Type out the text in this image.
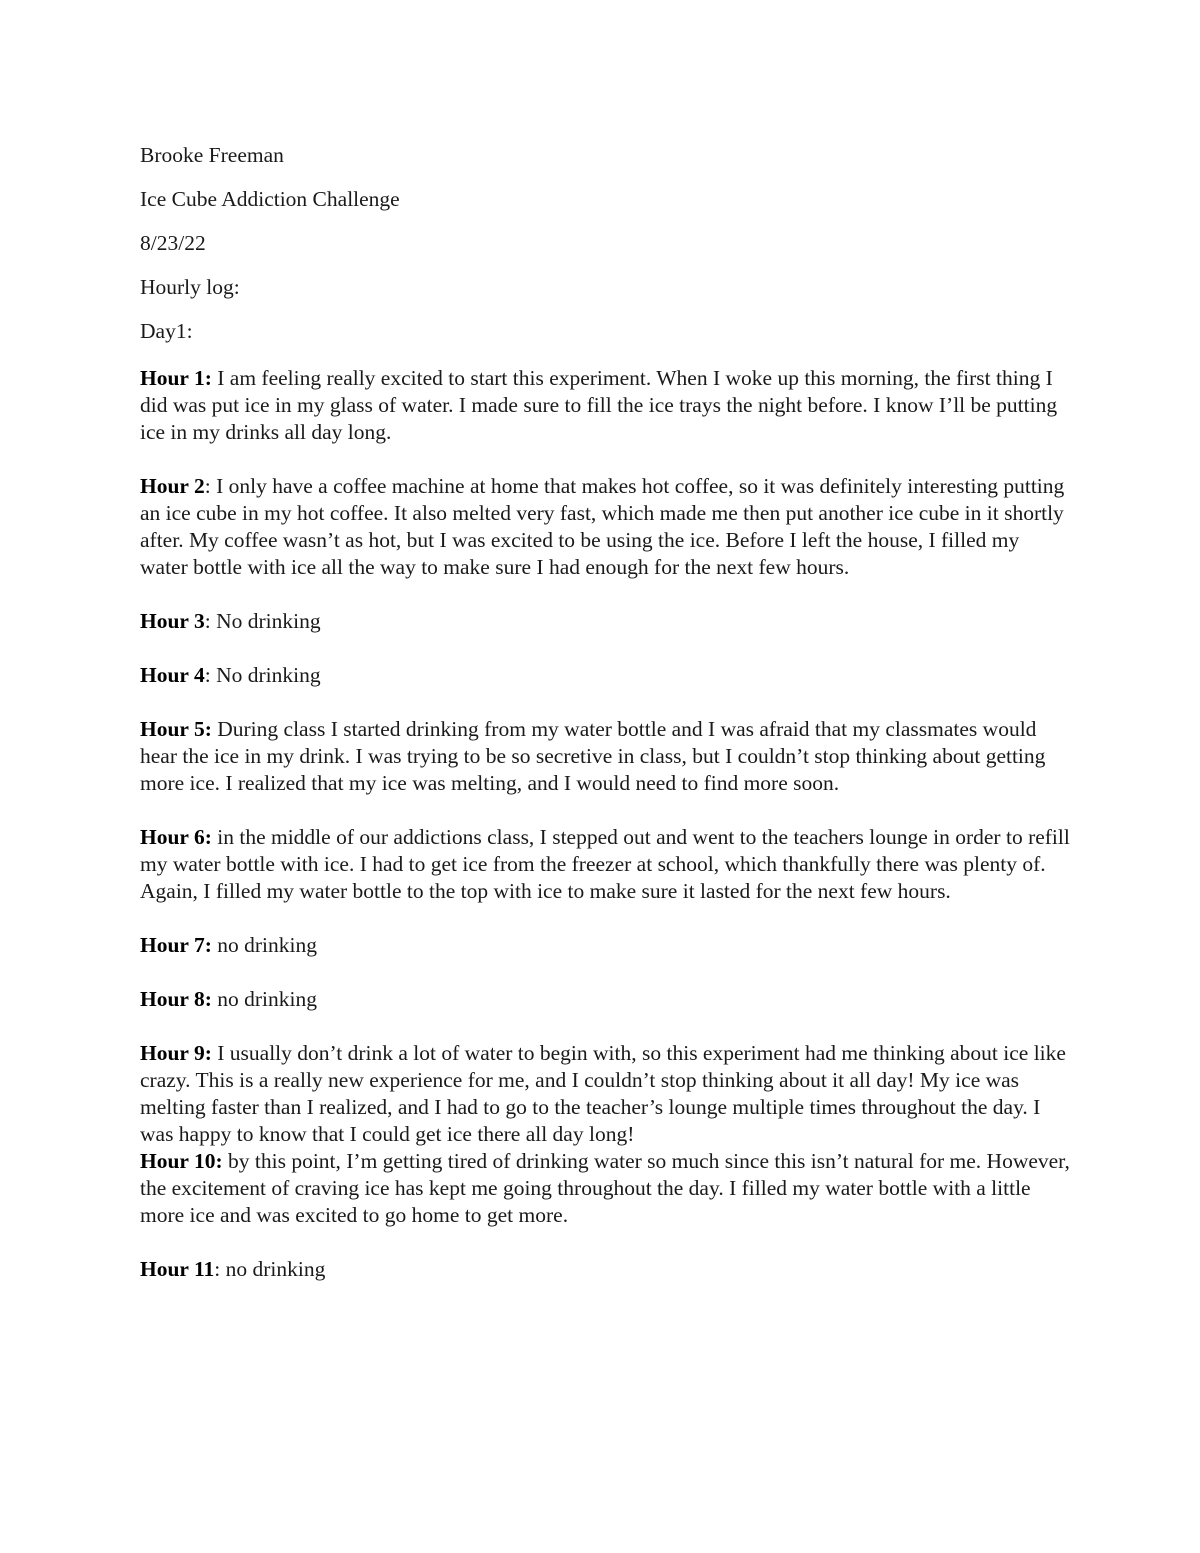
Brooke Freeman
Ice Cube Addiction Challenge
8/23/22
Hourly log:
Day1:

Hour 1: I am feeling really excited to start this experiment. When I woke up this morning, the first thing I did was put ice in my glass of water. I made sure to fill the ice trays the night before. I know I’ll be putting ice in my drinks all day long.

Hour 2: I only have a coffee machine at home that makes hot coffee, so it was definitely interesting putting an ice cube in my hot coffee. It also melted very fast, which made me then put another ice cube in it shortly after. My coffee wasn’t as hot, but I was excited to be using the ice. Before I left the house, I filled my water bottle with ice all the way to make sure I had enough for the next few hours.

Hour 3: No drinking

Hour 4: No drinking

Hour 5: During class I started drinking from my water bottle and I was afraid that my classmates would hear the ice in my drink. I was trying to be so secretive in class, but I couldn’t stop thinking about getting more ice. I realized that my ice was melting, and I would need to find more soon.

Hour 6: in the middle of our addictions class, I stepped out and went to the teachers lounge in order to refill my water bottle with ice. I had to get ice from the freezer at school, which thankfully there was plenty of. Again, I filled my water bottle to the top with ice to make sure it lasted for the next few hours.

Hour 7: no drinking

Hour 8: no drinking

Hour 9: I usually don’t drink a lot of water to begin with, so this experiment had me thinking about ice like crazy. This is a really new experience for me, and I couldn’t stop thinking about it all day! My ice was melting faster than I realized, and I had to go to the teacher’s lounge multiple times throughout the day. I was happy to know that I could get ice there all day long!

Hour 10: by this point, I’m getting tired of drinking water so much since this isn’t natural for me. However, the excitement of craving ice has kept me going throughout the day. I filled my water bottle with a little more ice and was excited to go home to get more.

Hour 11: no drinking
